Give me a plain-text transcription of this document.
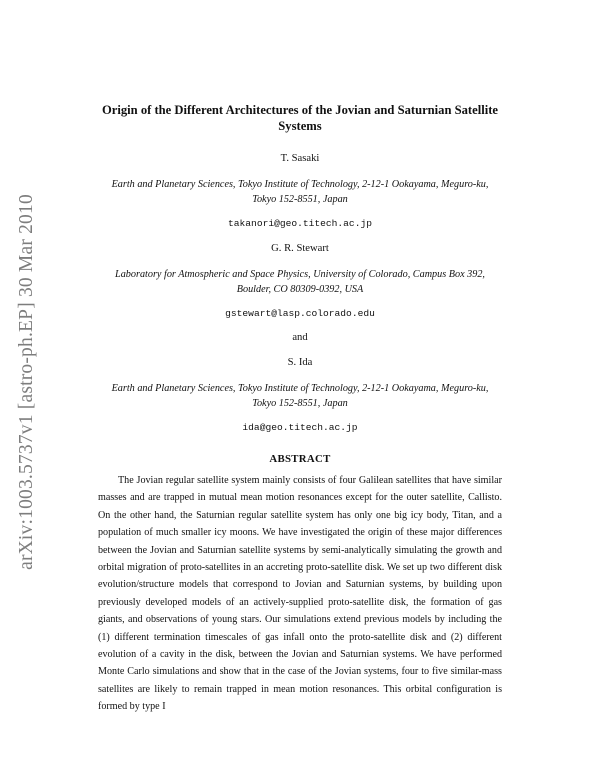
arXiv:1003.5737v1 [astro-ph.EP] 30 Mar 2010
Origin of the Different Architectures of the Jovian and Saturnian Satellite Systems
T. Sasaki
Earth and Planetary Sciences, Tokyo Institute of Technology, 2-12-1 Ookayama, Meguro-ku,
Tokyo 152-8551, Japan
takanori@geo.titech.ac.jp
G. R. Stewart
Laboratory for Atmospheric and Space Physics, University of Colorado, Campus Box 392,
Boulder, CO 80309-0392, USA
gstewart@lasp.colorado.edu
and
S. Ida
Earth and Planetary Sciences, Tokyo Institute of Technology, 2-12-1 Ookayama, Meguro-ku,
Tokyo 152-8551, Japan
ida@geo.titech.ac.jp
ABSTRACT

The Jovian regular satellite system mainly consists of four Galilean satellites that have similar masses and are trapped in mutual mean motion resonances except for the outer satellite, Callisto. On the other hand, the Saturnian regular satellite system has only one big icy body, Titan, and a population of much smaller icy moons. We have investigated the origin of these major differences between the Jovian and Saturnian satellite systems by semi-analytically simulating the growth and orbital migration of proto-satellites in an accreting proto-satellite disk. We set up two different disk evolution/structure models that correspond to Jovian and Saturnian systems, by building upon previously developed models of an actively-supplied proto-satellite disk, the formation of gas giants, and observations of young stars. Our simulations extend previous models by including the (1) different termination timescales of gas infall onto the proto-satellite disk and (2) different evolution of a cavity in the disk, between the Jovian and Saturnian systems. We have performed Monte Carlo simulations and show that in the case of the Jovian systems, four to five similar-mass satellites are likely to remain trapped in mean motion resonances. This orbital configuration is formed by type I
